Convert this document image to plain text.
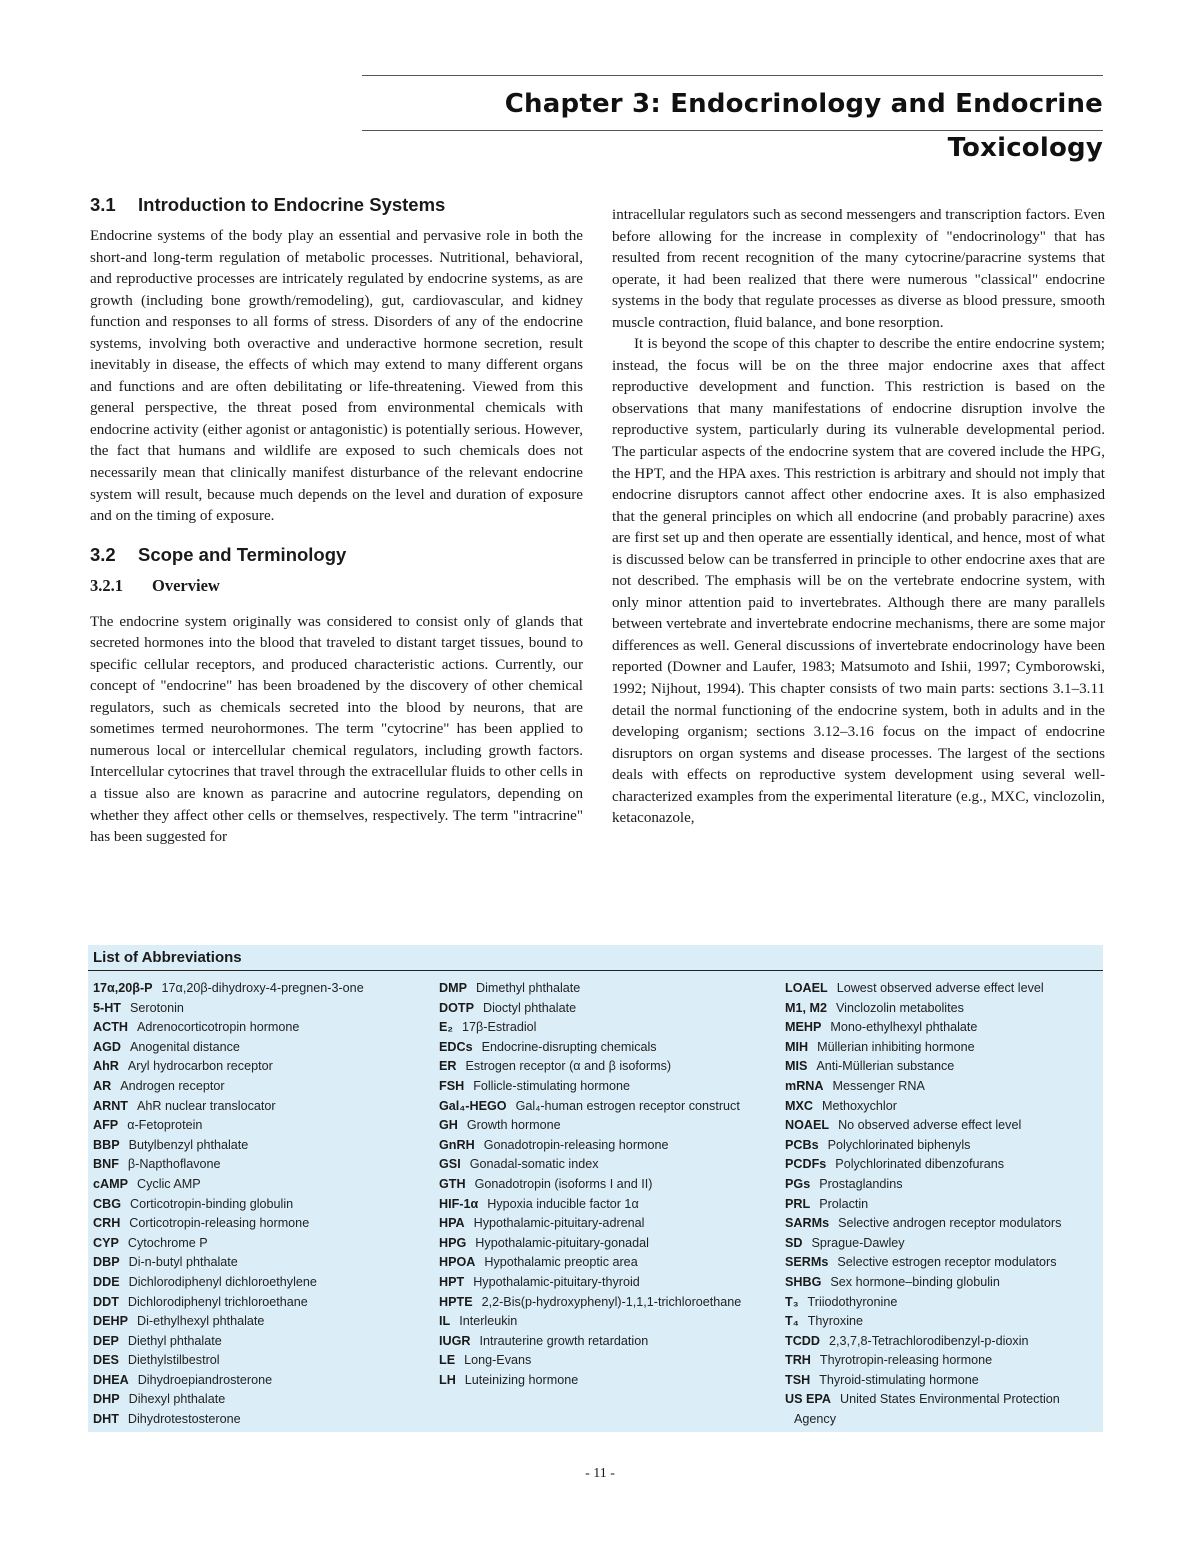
Chapter 3: Endocrinology and Endocrine Toxicology
3.1 Introduction to Endocrine Systems

Endocrine systems of the body play an essential and pervasive role in both the short-and long-term regulation of metabolic processes. Nutritional, behavioral, and reproductive processes are intricately regulated by endocrine systems, as are growth (including bone growth/remodeling), gut, cardiovascular, and kidney function and responses to all forms of stress. Disorders of any of the endocrine systems, involving both overactive and underactive hormone secretion, result inevitably in disease, the effects of which may extend to many different organs and functions and are often debilitating or life-threatening. Viewed from this general perspective, the threat posed from environmental chemicals with endocrine activity (either agonist or antagonistic) is potentially serious. However, the fact that humans and wildlife are exposed to such chemicals does not necessarily mean that clinically manifest disturbance of the relevant endocrine system will result, because much depends on the level and duration of exposure and on the timing of exposure.

3.2 Scope and Terminology
3.2.1 Overview

The endocrine system originally was considered to consist only of glands that secreted hormones into the blood that traveled to distant target tissues, bound to specific cellular receptors, and produced characteristic actions. Currently, our concept of "endocrine" has been broadened by the discovery of other chemical regulators, such as chemicals secreted into the blood by neurons, that are sometimes termed neurohormones. The term "cytocrine" has been applied to numerous local or intercellular chemical regulators, including growth factors. Intercellular cytocrines that travel through the extracellular fluids to other cells in a tissue also are known as paracrine and autocrine regulators, depending on whether they affect other cells or themselves, respectively. The term "intracrine" has been suggested for

intracellular regulators such as second messengers and transcription factors. Even before allowing for the increase in complexity of "endocrinology" that has resulted from recent recognition of the many cytocrine/paracrine systems that operate, it had been realized that there were numerous "classical" endocrine systems in the body that regulate processes as diverse as blood pressure, smooth muscle contraction, fluid balance, and bone resorption.

It is beyond the scope of this chapter to describe the entire endocrine system; instead, the focus will be on the three major endocrine axes that affect reproductive development and function. This restriction is based on the observations that many manifestations of endocrine disruption involve the reproductive system, particularly during its vulnerable developmental period. The particular aspects of the endocrine system that are covered include the HPG, the HPT, and the HPA axes. This restriction is arbitrary and should not imply that endocrine disruptors cannot affect other endocrine axes. It is also emphasized that the general principles on which all endocrine (and probably paracrine) axes are first set up and then operate are essentially identical, and hence, most of what is discussed below can be transferred in principle to other endocrine axes that are not described. The emphasis will be on the vertebrate endocrine system, with only minor attention paid to invertebrates. Although there are many parallels between vertebrate and invertebrate endocrine mechanisms, there are some major differences as well. General discussions of invertebrate endocrinology have been reported (Downer and Laufer, 1983; Matsumoto and Ishii, 1997; Cymborowski, 1992; Nijhout, 1994). This chapter consists of two main parts: sections 3.1–3.11 detail the normal functioning of the endocrine system, both in adults and in the developing organism; sections 3.12–3.16 focus on the impact of endocrine disruptors on organ systems and disease processes. The largest of the sections deals with effects on reproductive system development using several well-characterized examples from the experimental literature (e.g., MXC, vinclozolin, ketaconazole,

List of Abbreviations
17α,20β-P 17α,20β-dihydroxy-4-pregnen-3-one
5-HT Serotonin
ACTH Adrenocorticotropin hormone
AGD Anogenital distance
AhR Aryl hydrocarbon receptor
AR Androgen receptor
ARNT AhR nuclear translocator
AFP α-Fetoprotein
BBP Butylbenzyl phthalate
BNF β-Napthoflavone
cAMP Cyclic AMP
CBG Corticotropin-binding globulin
CRH Corticotropin-releasing hormone
CYP Cytochrome P
DBP Di-n-butyl phthalate
DDE Dichlorodiphenyl dichloroethylene
DDT Dichlorodiphenyl trichloroethane
DEHP Di-ethylhexyl phthalate
DEP Diethyl phthalate
DES Diethylstilbestrol
DHEA Dihydroepiandrosterone
DHP Dihexyl phthalate
DHT Dihydrotestosterone
DMP Dimethyl phthalate
DOTP Dioctyl phthalate
E₂ 17β-Estradiol
EDCs Endocrine-disrupting chemicals
ER Estrogen receptor (α and β isoforms)
FSH Follicle-stimulating hormone
Gal₄-HEGO Gal₄-human estrogen receptor construct
GH Growth hormone
GnRH Gonadotropin-releasing hormone
GSI Gonadal-somatic index
GTH Gonadotropin (isoforms I and II)
HIF-1α Hypoxia inducible factor 1α
HPA Hypothalamic-pituitary-adrenal
HPG Hypothalamic-pituitary-gonadal
HPOA Hypothalamic preoptic area
HPT Hypothalamic-pituitary-thyroid
HPTE 2,2-Bis(p-hydroxyphenyl)-1,1,1-trichloroethane
IL Interleukin
IUGR Intrauterine growth retardation
LE Long-Evans
LH Luteinizing hormone
LOAEL Lowest observed adverse effect level
M1, M2 Vinclozolin metabolites
MEHP Mono-ethylhexyl phthalate
MIH Müllerian inhibiting hormone
MIS Anti-Müllerian substance
mRNA Messenger RNA
MXC Methoxychlor
NOAEL No observed adverse effect level
PCBs Polychlorinated biphenyls
PCDFs Polychlorinated dibenzofurans
PGs Prostaglandins
PRL Prolactin
SARMs Selective androgen receptor modulators
SD Sprague-Dawley
SERMs Selective estrogen receptor modulators
SHBG Sex hormone–binding globulin
T₃ Triiodothyronine
T₄ Thyroxine
TCDD 2,3,7,8-Tetrachlorodibenzyl-p-dioxin
TRH Thyrotropin-releasing hormone
TSH Thyroid-stimulating hormone
US EPA United States Environmental Protection Agency
- 11 -
